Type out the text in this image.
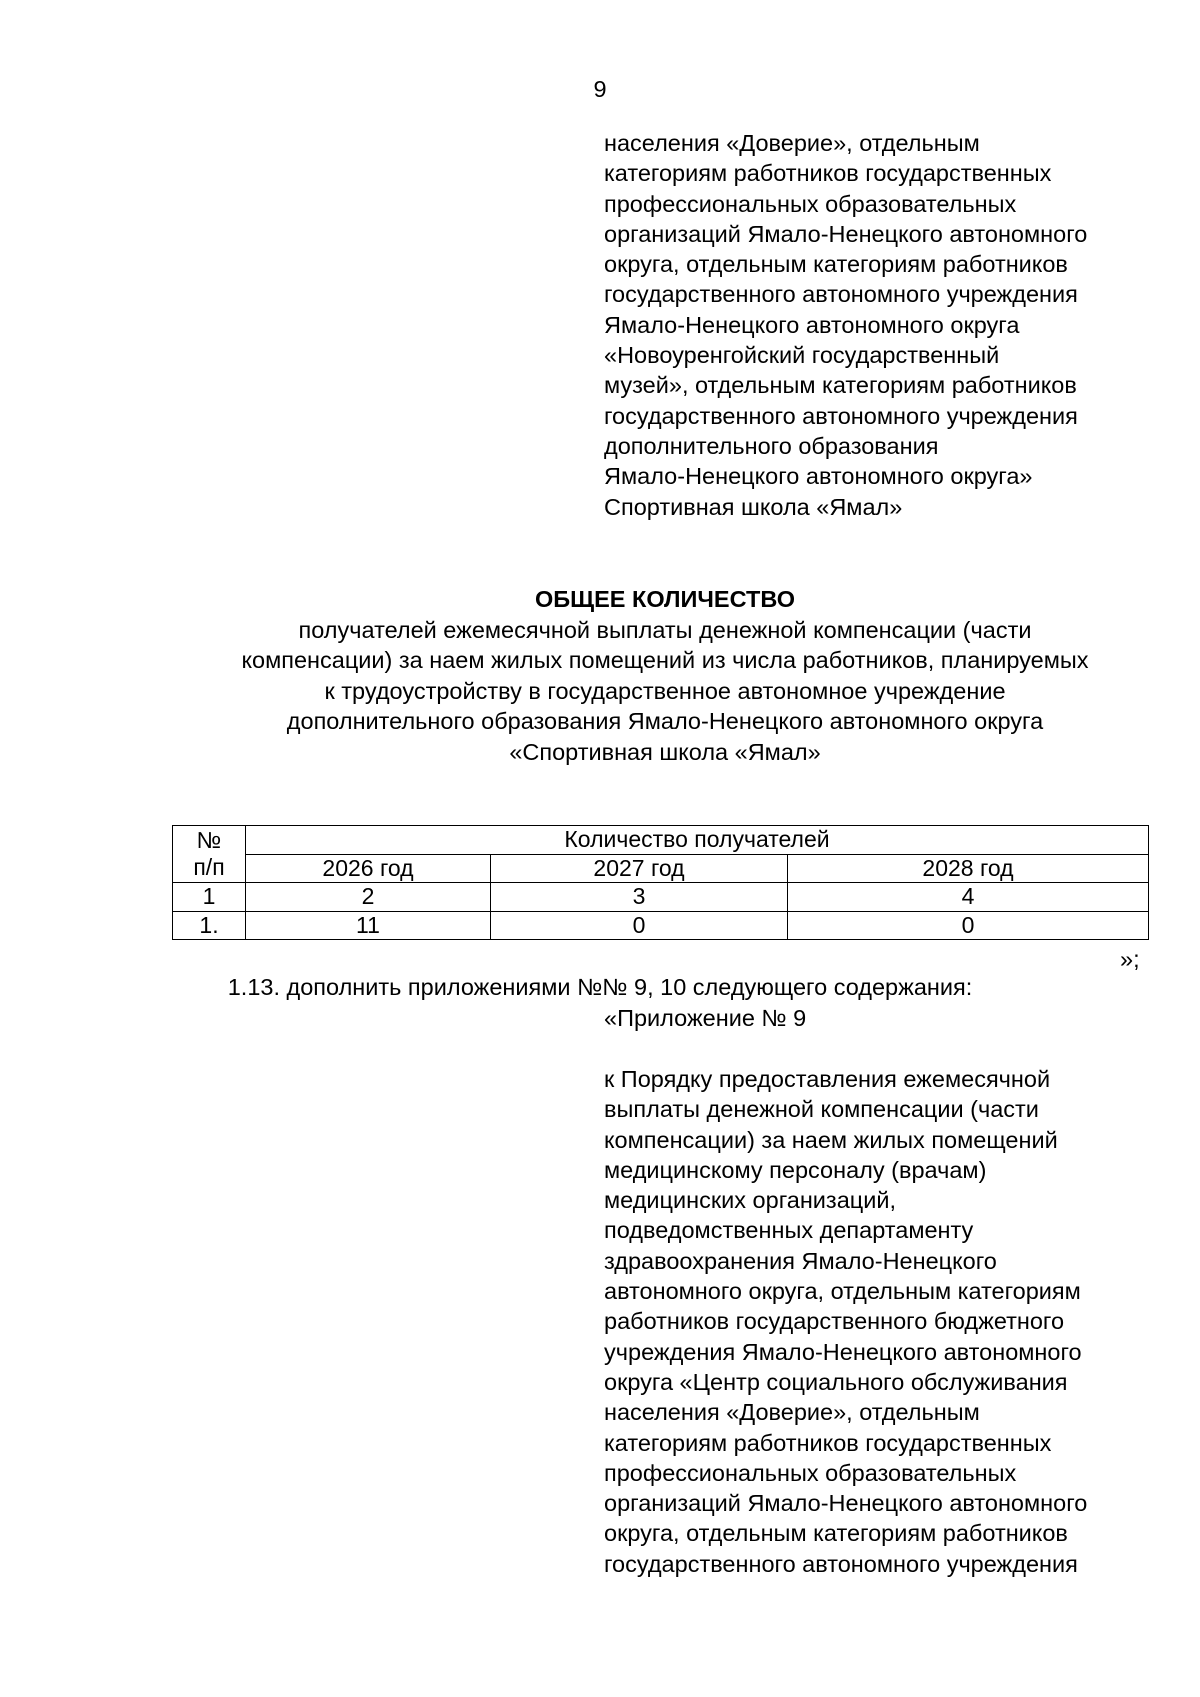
9
населения «Доверие», отдельным
категориям работников государственных
профессиональных образовательных
организаций Ямало-Ненецкого автономного
округа, отдельным категориям работников
государственного автономного учреждения
Ямало-Ненецкого автономного округа
«Новоуренгойский государственный
музей», отдельным категориям работников
государственного автономного учреждения
дополнительного образования
Ямало-Ненецкого автономного округа»
Спортивная школа «Ямал»
ОБЩЕЕ КОЛИЧЕСТВО
получателей ежемесячной выплаты денежной компенсации (части
компенсации) за наем жилых помещений из числа работников, планируемых
к трудоустройству в государственное автономное учреждение
дополнительного образования Ямало-Ненецкого автономного округа
«Спортивная школа «Ямал»
№
п/п	Количество получателей		
	2026 год	2027 год	2028 год
1	2	3	4
1.	11	0	0
»;
1.13. дополнить приложениями №№ 9, 10 следующего содержания:
«Приложение № 9
к Порядку предоставления ежемесячной
выплаты денежной компенсации (части
компенсации) за наем жилых помещений
медицинскому персоналу (врачам)
медицинских организаций,
подведомственных департаменту
здравоохранения Ямало-Ненецкого
автономного округа, отдельным категориям
работников государственного бюджетного
учреждения Ямало-Ненецкого автономного
округа «Центр социального обслуживания
населения «Доверие», отдельным
категориям работников государственных
профессиональных образовательных
организаций Ямало-Ненецкого автономного
округа, отдельным категориям работников
государственного автономного учреждения
